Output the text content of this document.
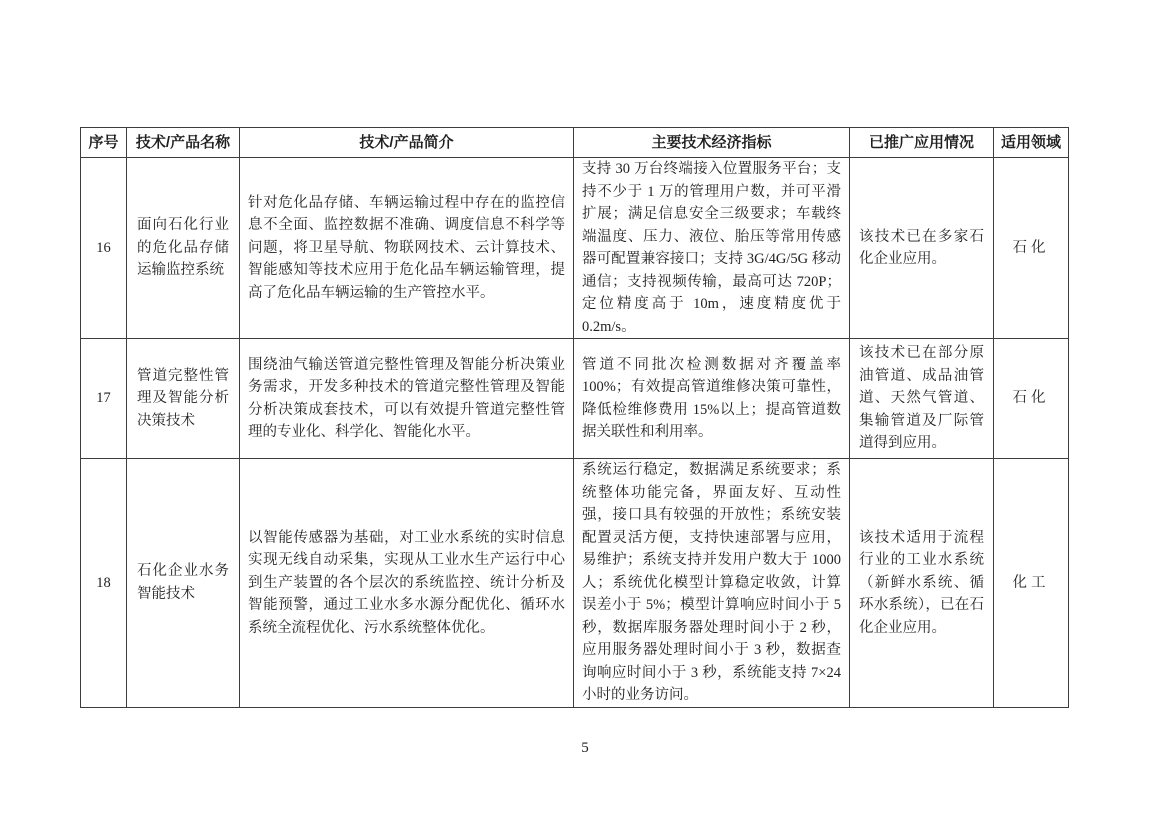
序号	技术/产品名称	技术/产品简介	主要技术经济指标	已推广应用情况	适用领域
16	面向石化行业的危化品存储运输监控系统	针对危化品存储、车辆运输过程中存在的监控信息不全面、监控数据不准确、调度信息不科学等问题，将卫星导航、物联网技术、云计算技术、智能感知等技术应用于危化品车辆运输管理，提高了危化品车辆运输的生产管控水平。	支持 30 万台终端接入位置服务平台；支持不少于 1 万的管理用户数，并可平滑扩展；满足信息安全三级要求；车载终端温度、压力、液位、胎压等常用传感器可配置兼容接口；支持 3G/4G/5G 移动通信；支持视频传输，最高可达 720P；定位精度高于 10m，速度精度优于 0.2m/s。	该技术已在多家石化企业应用。	石化
17	管道完整性管理及智能分析决策技术	围绕油气输送管道完整性管理及智能分析决策业务需求，开发多种技术的管道完整性管理及智能分析决策成套技术，可以有效提升管道完整性管理的专业化、科学化、智能化水平。	管道不同批次检测数据对齐覆盖率 100%；有效提高管道维修决策可靠性，降低检维修费用 15%以上；提高管道数据关联性和利用率。	该技术已在部分原油管道、成品油管道、天然气管道、集输管道及厂际管道得到应用。	石化
18	石化企业水务智能技术	以智能传感器为基础，对工业水系统的实时信息实现无线自动采集，实现从工业水生产运行中心到生产装置的各个层次的系统监控、统计分析及智能预警，通过工业水多水源分配优化、循环水系统全流程优化、污水系统整体优化。	系统运行稳定，数据满足系统要求；系统整体功能完备，界面友好、互动性强，接口具有较强的开放性；系统安装配置灵活方便，支持快速部署与应用，易维护；系统支持并发用户数大于 1000 人；系统优化模型计算稳定收敛，计算误差小于 5%；模型计算响应时间小于 5 秒，数据库服务器处理时间小于 2 秒，应用服务器处理时间小于 3 秒，数据查询响应时间小于 3 秒，系统能支持 7×24 小时的业务访问。	该技术适用于流程行业的工业水系统（新鲜水系统、循环水系统），已在石化企业应用。	化工
5
